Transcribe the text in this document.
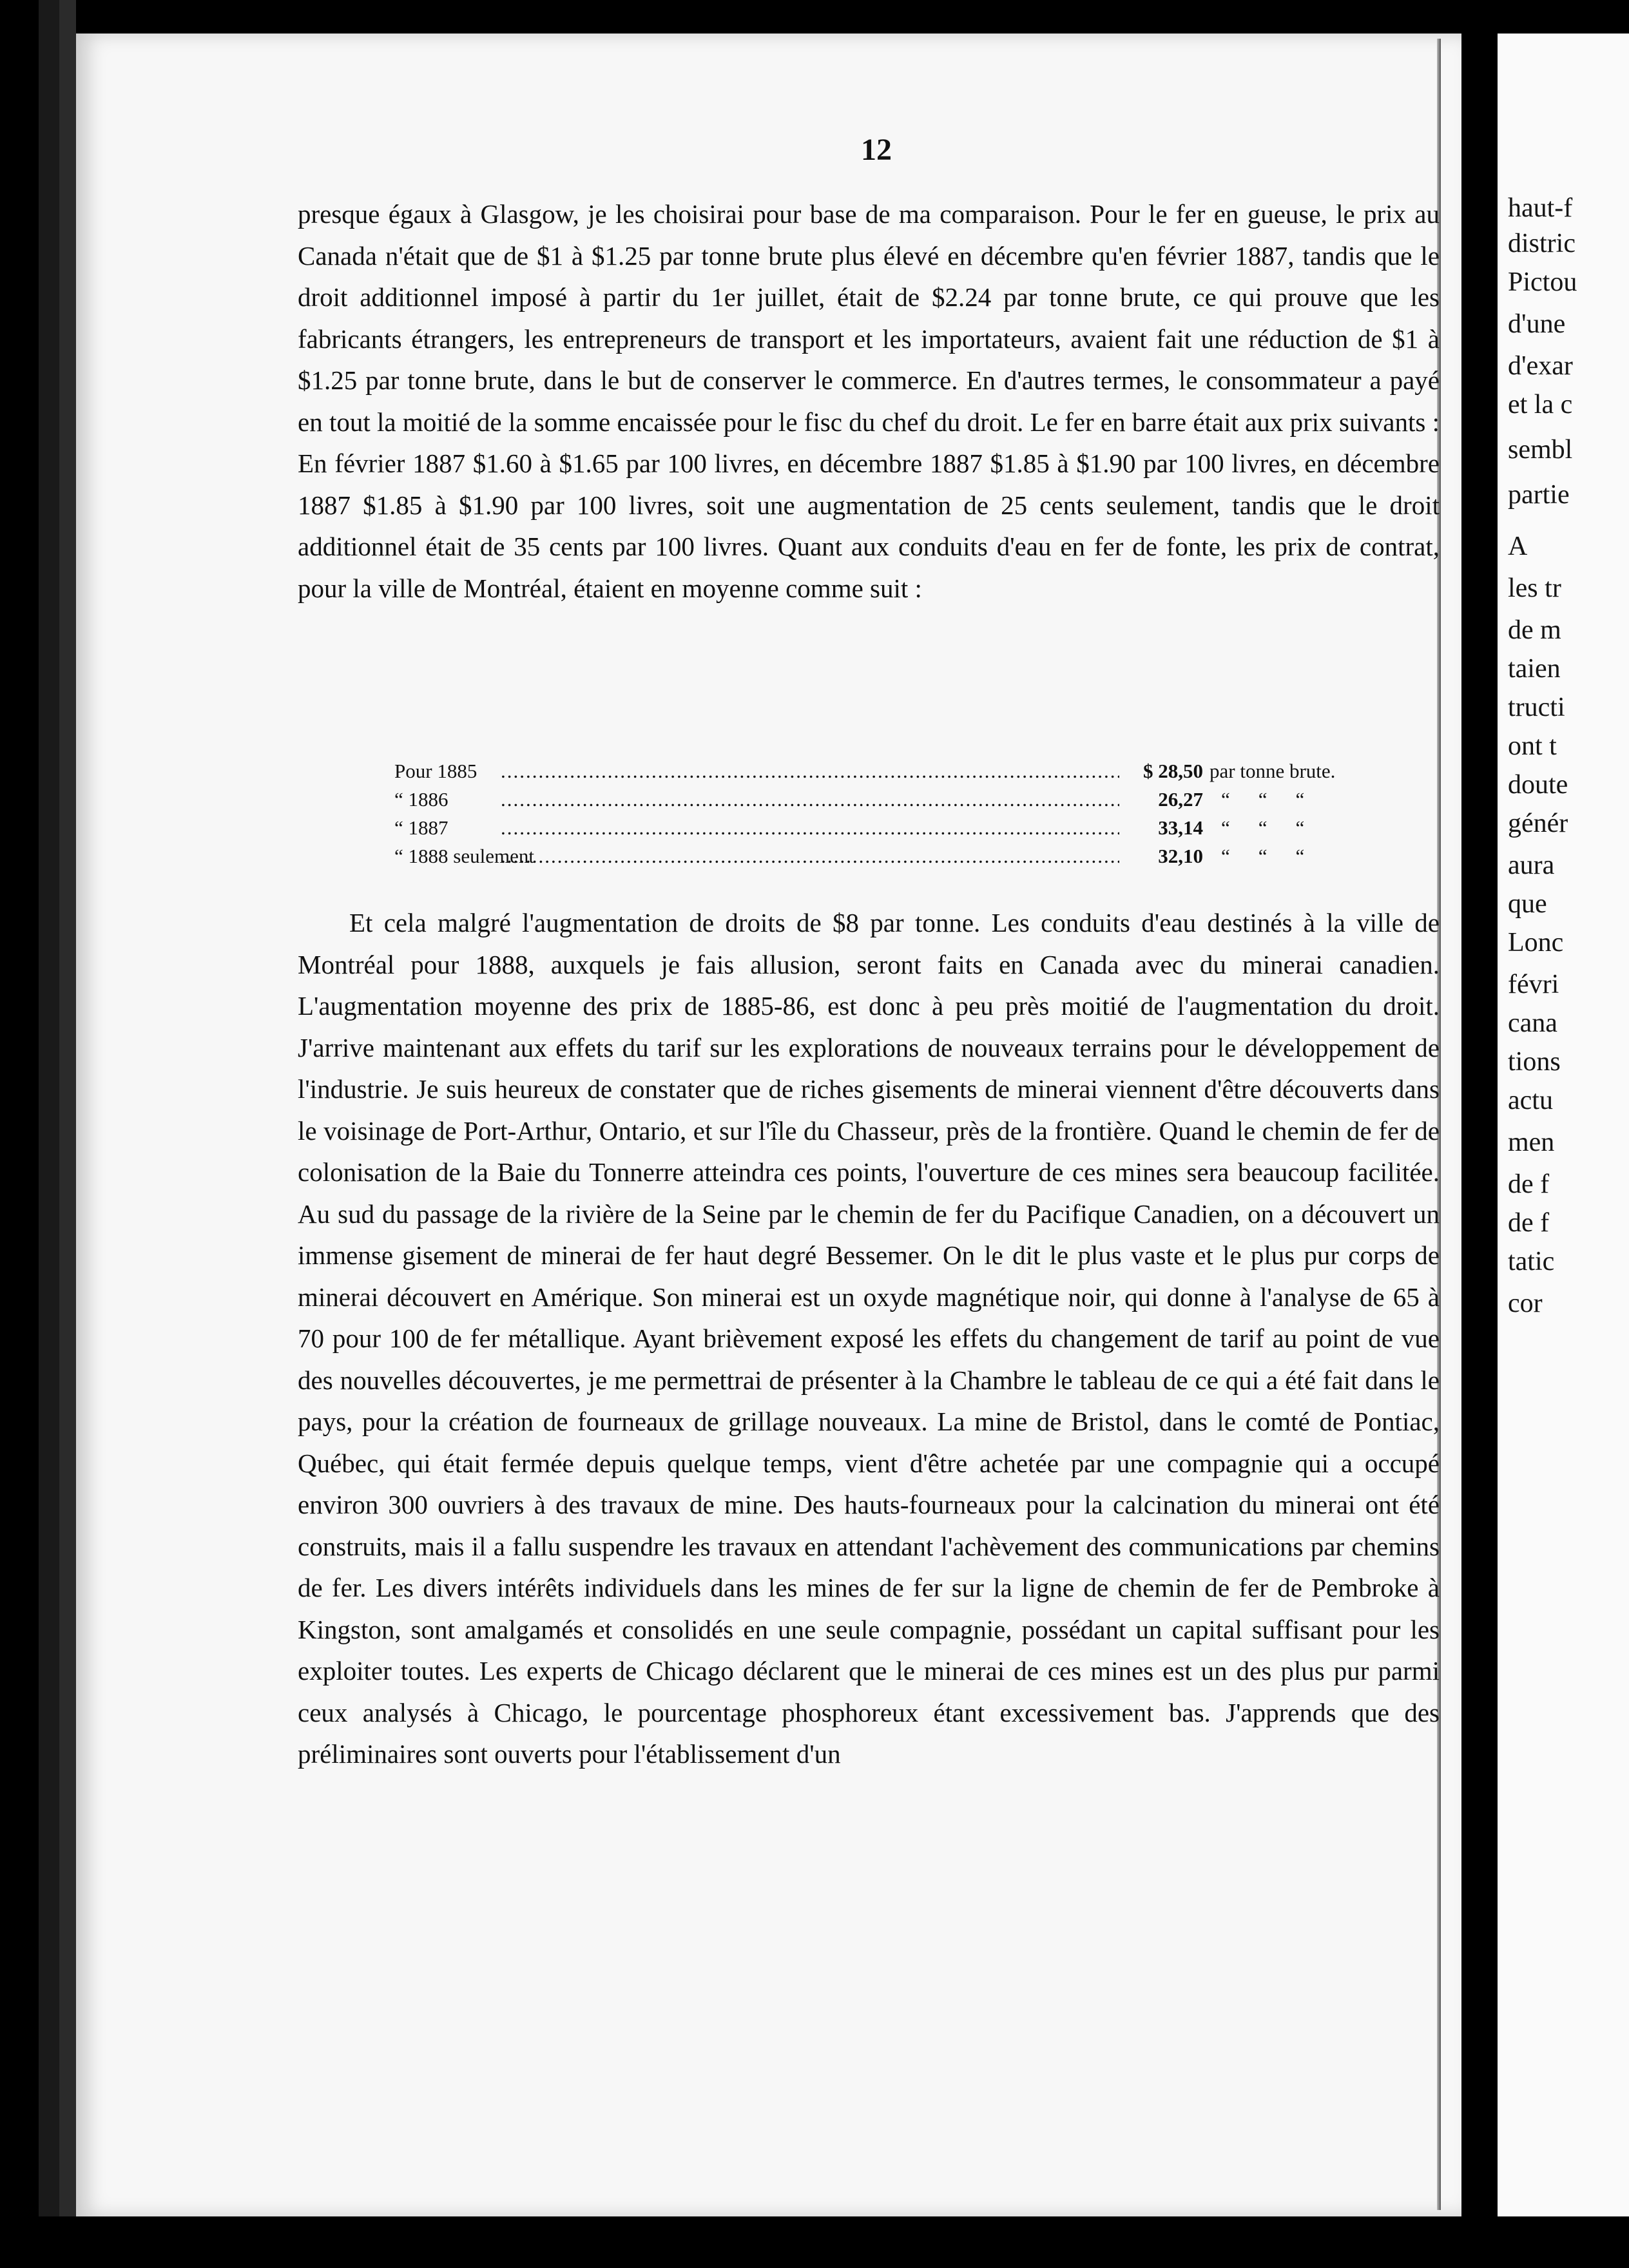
haut-f
distric
Pictou
d'une
d'exar
et la c
sembl
partie
A
les tr
de m
taien
tructi
ont t
doute
génér
aura
que
Lonc
févri
cana
tions
actu
men
de f
de f
tatic
cor
12

presque égaux à Glasgow, je les choisirai pour base de ma comparaison. Pour le fer en gueuse, le prix au Canada n'était que de $1 à $1.25 par tonne brute plus élevé en décembre qu'en février 1887, tandis que le droit additionnel imposé à partir du 1er juillet, était de $2.24 par tonne brute, ce qui prouve que les fabricants étrangers, les entrepreneurs de transport et les importateurs, avaient fait une réduction de $1 à $1.25 par tonne brute, dans le but de conserver le commerce. En d'autres termes, le consommateur a payé en tout la moitié de la somme encaissée pour le fisc du chef du droit. Le fer en barre était aux prix suivants : En février 1887 $1.60 à $1.65 par 100 livres, en décembre 1887 $1.85 à $1.90 par 100 livres, en décembre 1887 $1.85 à $1.90 par 100 livres, soit une augmentation de 25 cents seulement, tandis que le droit additionnel était de 35 cents par 100 livres. Quant aux conduits d'eau en fer de fonte, les prix de contrat, pour la ville de Montréal, étaient en moyenne comme suit :

Pour 1885 .....	$ 28,50 par tonne brute.
“ 1886 .....	26,27 “ “ “
“ 1887 .....	33,14 “ “ “
“ 1888 seulement .....	32,10 “ “ “

Et cela malgré l'augmentation de droits de $8 par tonne. Les conduits d'eau destinés à la ville de Montréal pour 1888, auxquels je fais allusion, seront faits en Canada avec du minerai canadien. L'augmentation moyenne des prix de 1885-86, est donc à peu près moitié de l'augmentation du droit. J'arrive maintenant aux effets du tarif sur les explorations de nouveaux terrains pour le développement de l'industrie. Je suis heureux de constater que de riches gisements de minerai viennent d'être découverts dans le voisinage de Port-Arthur, Ontario, et sur l'île du Chasseur, près de la frontière. Quand le chemin de fer de colonisation de la Baie du Tonnerre atteindra ces points, l'ouverture de ces mines sera beaucoup facilitée. Au sud du passage de la rivière de la Seine par le chemin de fer du Pacifique Canadien, on a découvert un immense gisement de minerai de fer haut degré Bessemer. On le dit le plus vaste et le plus pur corps de minerai découvert en Amérique. Son minerai est un oxyde magnétique noir, qui donne à l'analyse de 65 à 70 pour 100 de fer métallique. Ayant brièvement exposé les effets du changement de tarif au point de vue des nouvelles découvertes, je me permettrai de présenter à la Chambre le tableau de ce qui a été fait dans le pays, pour la création de fourneaux de grillage nouveaux. La mine de Bristol, dans le comté de Pontiac, Québec, qui était fermée depuis quelque temps, vient d'être achetée par une compagnie qui a occupé environ 300 ouvriers à des travaux de mine. Des hauts-fourneaux pour la calcination du minerai ont été construits, mais il a fallu suspendre les travaux en attendant l'achèvement des communications par chemins de fer. Les divers intérêts individuels dans les mines de fer sur la ligne de chemin de fer de Pembroke à Kingston, sont amalgamés et consolidés en une seule compagnie, possédant un capital suffisant pour les exploiter toutes. Les experts de Chicago déclarent que le minerai de ces mines est un des plus pur parmi ceux analysés à Chicago, le pourcentage phosphoreux étant excessivement bas. J'apprends que des préliminaires sont ouverts pour l'établissement d'un
